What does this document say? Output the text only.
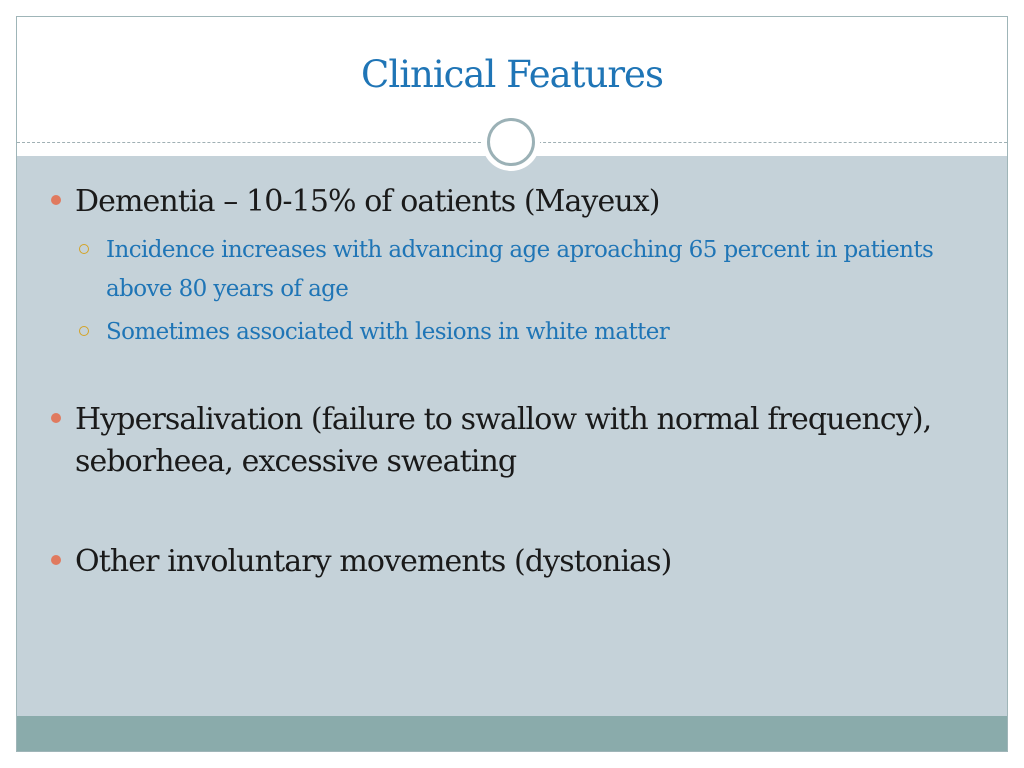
Clinical Features
Dementia – 10-15% of oatients (Mayeux)
Incidence increases with advancing age aproaching 65 percent in patients above 80 years of age
Sometimes associated with lesions in white matter
Hypersalivation (failure to swallow with normal frequency), seborheea, excessive sweating
Other involuntary movements (dystonias)
